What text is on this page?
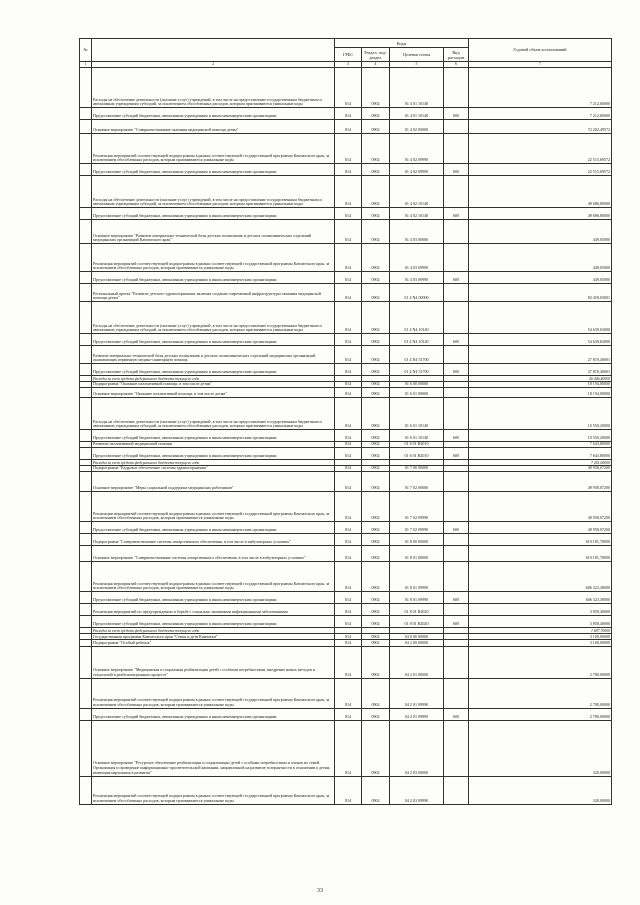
№		Коды				Годовой объем ассигнований
		ГРБС	Раздел, под-раздел	Целевая статья	Вид расходов	
1	2	3	4	5	6	7
	Расходы на обеспечение деятельности (оказание услуг) учреждений, в том числе на предоставление государственным бюджетным и автономным учреждениям субсидий, за исключением обособленных расходов, которым присваиваются уникальные коды	814	0902	01 4 01 10140		7 212,60000
	Предоставление субсидий бюджетным, автономным учреждениям и иным некоммерческим организациям	814	0902	01 4 01 10140	600	7 212,60000
	Основное мероприятие "Совершенствование оказания медицинской помощи детям"	814	0902	01 4 02 00000		72 202,49572
	Реализация мероприятий соответствующей подпрограммы в рамках соответствующей государственной программы Камчатского края, за исключением обособленных расходов, которым присваиваются уникальные коды	814	0902	01 4 02 09990		22 515,69572
	Предоставление субсидий бюджетным, автономным учреждениям и иным некоммерческим организациям	814	0902	01 4 02 09990	600	22 515,69572
	Расходы на обеспечение деятельности (оказание услуг) учреждений, в том числе на предоставление государственным бюджетным и автономным учреждениям субсидий, за исключением обособленных расходов, которым присваиваются уникальные коды	814	0902	01 4 02 10140		49 686,80000
	Предоставление субсидий бюджетным, автономным учреждениям и иным некоммерческим организациям	814	0902	01 4 02 10140	600	49 686,80000
	Основное мероприятие "Развитие материально-технической базы детских поликлиник и детских поликлинических отделений медицинских организаций Камчатского края"	814	0902	01 4 03 00000		449,05000
	Реализация мероприятий соответствующей подпрограммы в рамках соответствующей государственной программы Камчатского края, за исключением обособленных расходов, которым присваиваются уникальные коды	814	0902	01 4 03 09990		449,05000
	Предоставление субсидий бюджетным, автономным учреждениям и иным некоммерческим организациям	814	0902	01 4 03 09990	600	449,05000
	Региональный проект "Развитие детского здравоохранения, включая создание современной инфраструктуры оказания медицинской помощи детям"	814	0902	01 4 N4 00000		82 459,03001
	Расходы на обеспечение деятельности (оказание услуг) учреждений, в том числе на предоставление государственным бюджетным и автономным учреждениям субсидий, за исключением обособленных расходов, которым присваиваются уникальные коды	814	0902	01 4 N4 10140		54 639,63000
	Предоставление субсидий бюджетным, автономным учреждениям и иным некоммерческим организациям	814	0902	01 4 N4 10140	600	54 639,63000
	Развитие материально-технической базы детских поликлиник и детских поликлинических отделений медицинских организаций, оказывающих первичную медико-санитарную помощь	814	0902	01 4 N4 51700		27 819,40001
	Предоставление субсидий бюджетным, автономным учреждениям и иным некоммерческим организациям	814	0902	01 4 N4 51700	600	27 819,40001
	Расходы за счет средств федерального бюджета текущего года					26 446,40000
	Подпрограмма "Оказание паллиативной помощи, в том числе детям"	814	0902	01 6 00 00000		18 194,00000
	Основное мероприятие "Оказание паллиативной помощи, в том числе детям"	814	0902	01 6 01 00000		18 194,00000
	Расходы на обеспечение деятельности (оказание услуг) учреждений, в том числе на предоставление государственным бюджетным и автономным учреждениям субсидий, за исключением обособленных расходов, которым присваиваются уникальные коды	814	0902	01 6 01 10140		10 550,20000
	Предоставление субсидий бюджетным, автономным учреждениям и иным некоммерческим организациям	814	0902	01 6 01 10140	600	10 550,20000
	Развитие паллиативной медицинской помощи	814	0902	01 6 01 R2010		7 643,80000
	Предоставление субсидий бюджетным, автономным учреждениям и иным некоммерческим организациям	814	0902	01 6 01 R2010	600	7 643,80000
	Расходы за счет средств федерального бюджета текущего года					7 261,60000
	Подпрограмма "Кадровое обеспечение системы здравоохранения"	814	0902	01 7 00 00000		49 958,07200
	Основное мероприятие "Меры социальной поддержки медицинских работников"	814	0902	01 7 02 00000		49 958,07200
	Реализация мероприятий соответствующей подпрограммы в рамках соответствующей государственной программы Камчатского края, за исключением обособленных расходов, которым присваиваются уникальные коды	814	0902	01 7 02 09990		49 958,07200
	Предоставление субсидий бюджетным, автономным учреждениям и иным некоммерческим организациям	814	0902	01 7 02 09990	600	49 958,07200
	Подпрограмма "Совершенствование системы лекарственного обеспечения, в том числе в амбулаторных условиях"	814	0902	01 8 00 00000		610 181,78000
	Основное мероприятие "Совершенствование системы лекарственного обеспечения, в том числе в амбулаторных условиях"	814	0902	01 8 01 00000		610 181,78000
	Реализация мероприятий соответствующей подпрограммы в рамках соответствующей государственной программы Камчатского края, за исключением обособленных расходов, которым присваиваются уникальные коды	814	0902	01 8 01 09990		606 323,38000
	Предоставление субсидий бюджетным, автономным учреждениям и иным некоммерческим организациям	814	0902	01 8 01 09990	600	606 323,38000
	Реализация мероприятий по предупреждению и борьбе с социально значимыми инфекционными заболеваниями	814	0902	01 8 01 R2020		3 858,40000
	Предоставление субсидий бюджетным, автономным учреждениям и иным некоммерческим организациям	814	0902	01 8 01 R2020	600	3 858,40000
	Расходы за счет средств федерального бюджета текущего года					1 697,70000
	Государственная программа Камчатского края "Семья и дети Камчатки"	814	0902	04 0 00 00000		3 100,00000
	Подпрограмма "Особый ребенок"	814	0902	04 2 00 00000		3 100,00000
	Основное мероприятие "Медицинская и социальная реабилитация детей с особыми потребностями, внедрение новых методов и технологий в реабилитационном процессе"	814	0902	04 2 01 00000		2 780,00000
	Реализация мероприятий соответствующей подпрограммы в рамках соответствующей государственной программы Камчатского края, за исключением обособленных расходов, которым присваиваются уникальные коды	814	0902	04 2 01 09990		2 780,00000
	Предоставление субсидий бюджетным, автономным учреждениям и иным некоммерческим организациям	814	0902	04 2 01 09990	600	2 780,00000
	Основное мероприятие "Ресурсное обеспечение реабилитации и социализации детей с особыми потребностями и членов их семей. Организация и проведение информационно-просветительской кампании, направленной на развитие толерантности в отношении к детям, имеющим нарушения в развитии"	814	0902	04 2 03 00000		320,00000
	Реализация мероприятий соответствующей подпрограммы в рамках соответствующей государственной программы Камчатского края, за исключением обособленных расходов, которым присваиваются уникальные коды	814	0902	04 2 03 09990		320,00000
33
